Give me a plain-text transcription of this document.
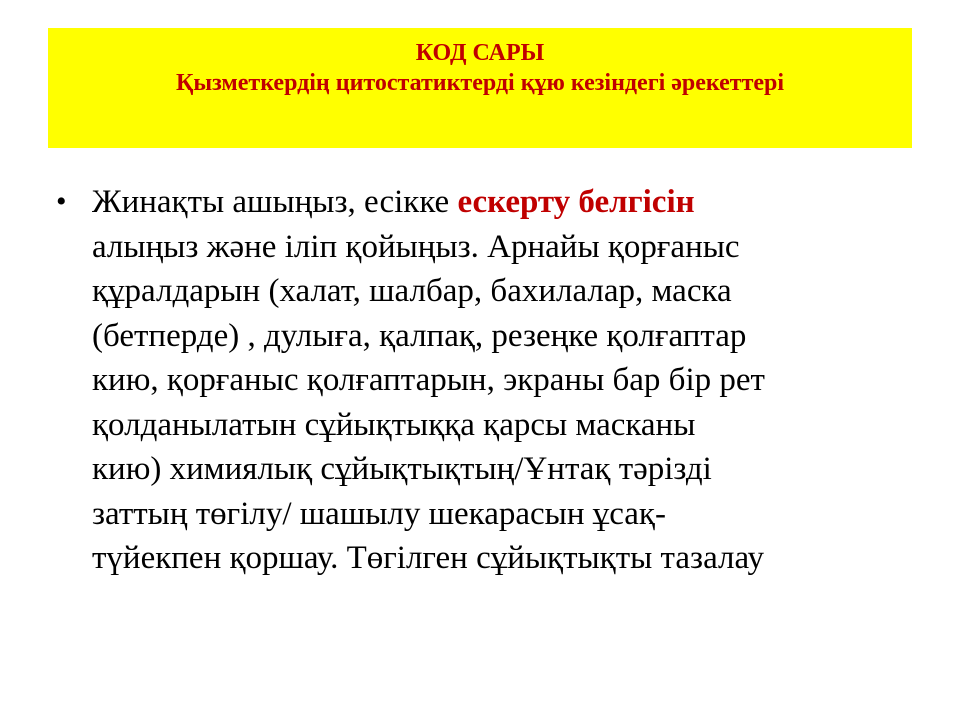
КОД САРЫ
Қызметкердің цитостатиктерді құю кезіндегі әрекеттері
• Жинақты ашыңыз, есікке ескерту белгісін
алыңыз және іліп қойыңыз. Арнайы қорғаныс
құралдарын (халат, шалбар, бахилалар, маска
(бетперде) , дулыға, қалпақ, резеңке қолғаптар
кию, қорғаныс қолғаптарын, экраны бар бір рет
қолданылатын сұйықтыққа қарсы масканы
кию) химиялық сұйықтықтың/Ұнтақ тәрізді
заттың төгілу/ шашылу шекарасын ұсақ-
түйекпен қоршау. Төгілген сұйықтықты тазалау
